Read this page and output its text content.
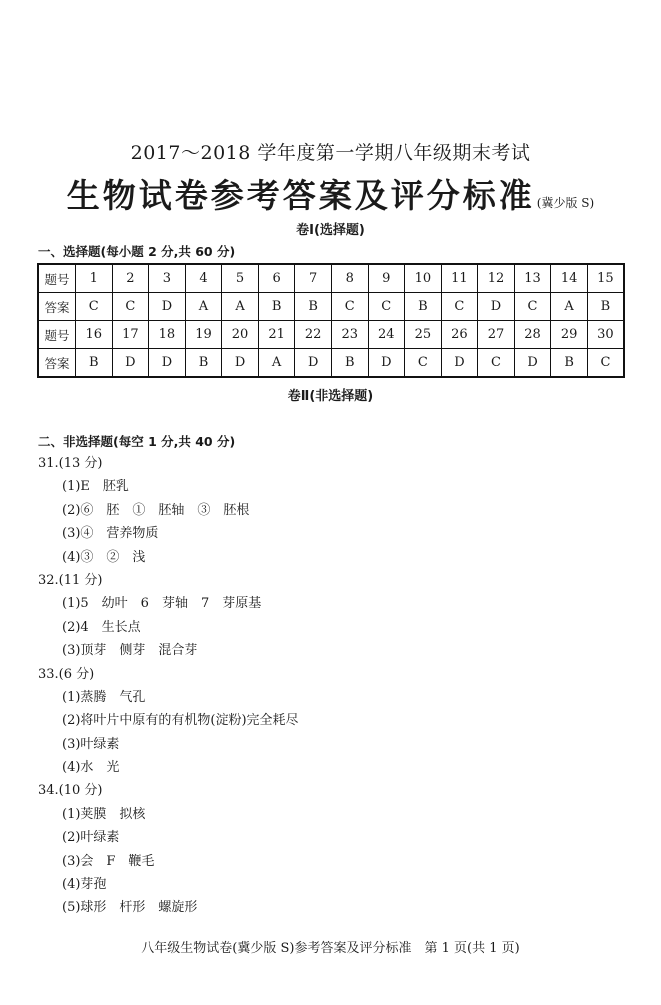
2017～2018 学年度第一学期八年级期末考试
生物试卷参考答案及评分标准 (冀少版 S)
卷Ⅰ(选择题)
一、选择题(每小题 2 分,共 60 分)
题号	1	2	3	4	5	6	7	8	9	10	11	12	13	14	15
答案	C	C	D	A	A	B	B	C	C	B	C	D	C	A	B
题号	16	17	18	19	20	21	22	23	24	25	26	27	28	29	30
答案	B	D	D	B	D	A	D	B	D	C	D	C	D	B	C
卷Ⅱ(非选择题)
二、非选择题(每空 1 分,共 40 分)
31.(13 分)
(1)E　胚乳
(2)⑥　胚　①　胚轴　③　胚根
(3)④　营养物质
(4)③　②　浅
32.(11 分)
(1)5　幼叶　6　芽轴　7　芽原基
(2)4　生长点
(3)顶芽　侧芽　混合芽
33.(6 分)
(1)蒸腾　气孔
(2)将叶片中原有的有机物(淀粉)完全耗尽
(3)叶绿素
(4)水　光
34.(10 分)
(1)荚膜　拟核
(2)叶绿素
(3)会　F　鞭毛
(4)芽孢
(5)球形　杆形　螺旋形
八年级生物试卷(冀少版 S)参考答案及评分标准　第 1 页(共 1 页)
